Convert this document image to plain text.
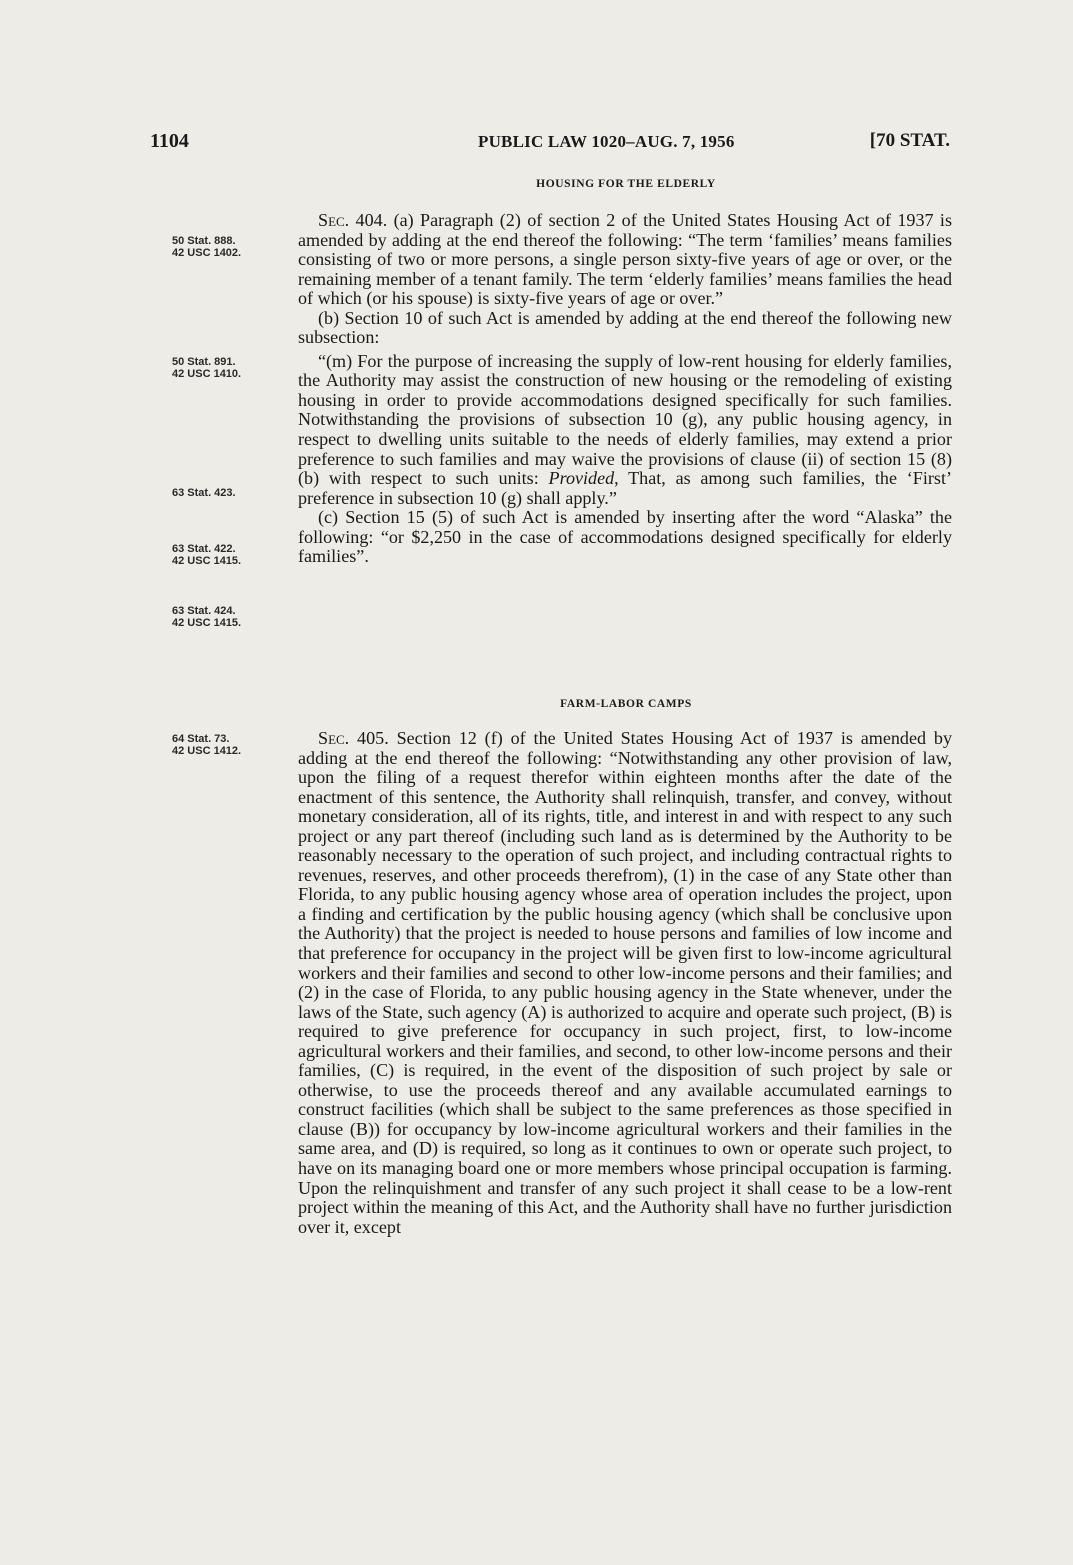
1104	PUBLIC LAW 1020–AUG. 7, 1956	[70 STAT.
HOUSING FOR THE ELDERLY
50 Stat. 888.
42 USC 1402.
50 Stat. 891.
42 USC 1410.
63 Stat. 423.
63 Stat. 422.
42 USC 1415.
63 Stat. 424.
42 USC 1415.
64 Stat. 73.
42 USC 1412.

Sec. 404. (a) Paragraph (2) of section 2 of the United States Housing Act of 1937 is amended by adding at the end thereof the following: “The term ‘families’ means families consisting of two or more persons, a single person sixty-five years of age or over, or the remaining member of a tenant family. The term ‘elderly families’ means families the head of which (or his spouse) is sixty-five years of age or over.”

(b) Section 10 of such Act is amended by adding at the end thereof the following new subsection:

“(m) For the purpose of increasing the supply of low-rent housing for elderly families, the Authority may assist the construction of new housing or the remodeling of existing housing in order to provide accommodations designed specifically for such families. Notwithstanding the provisions of subsection 10 (g), any public housing agency, in respect to dwelling units suitable to the needs of elderly families, may extend a prior preference to such families and may waive the provisions of clause (ii) of section 15 (8) (b) with respect to such units: Provided, That, as among such families, the ‘First’ preference in subsection 10 (g) shall apply.”

(c) Section 15 (5) of such Act is amended by inserting after the word “Alaska” the following: “or $2,250 in the case of accommodations designed specifically for elderly families”.

FARM-LABOR CAMPS

Sec. 405. Section 12 (f) of the United States Housing Act of 1937 is amended by adding at the end thereof the following: “Notwithstanding any other provision of law, upon the filing of a request therefor within eighteen months after the date of the enactment of this sentence, the Authority shall relinquish, transfer, and convey, without monetary consideration, all of its rights, title, and interest in and with respect to any such project or any part thereof (including such land as is determined by the Authority to be reasonably necessary to the operation of such project, and including contractual rights to revenues, reserves, and other proceeds therefrom), (1) in the case of any State other than Florida, to any public housing agency whose area of operation includes the project, upon a finding and certification by the public housing agency (which shall be conclusive upon the Authority) that the project is needed to house persons and families of low income and that preference for occupancy in the project will be given first to low-income agricultural workers and their families and second to other low-income persons and their families; and (2) in the case of Florida, to any public housing agency in the State whenever, under the laws of the State, such agency (A) is authorized to acquire and operate such project, (B) is required to give preference for occupancy in such project, first, to low-income agricultural workers and their families, and second, to other low-income persons and their families, (C) is required, in the event of the disposition of such project by sale or otherwise, to use the proceeds thereof and any available accumulated earnings to construct facilities (which shall be subject to the same preferences as those specified in clause (B)) for occupancy by low-income agricultural workers and their families in the same area, and (D) is required, so long as it continues to own or operate such project, to have on its managing board one or more members whose principal occupation is farming. Upon the relinquishment and transfer of any such project it shall cease to be a low-rent project within the meaning of this Act, and the Authority shall have no further jurisdiction over it, except
